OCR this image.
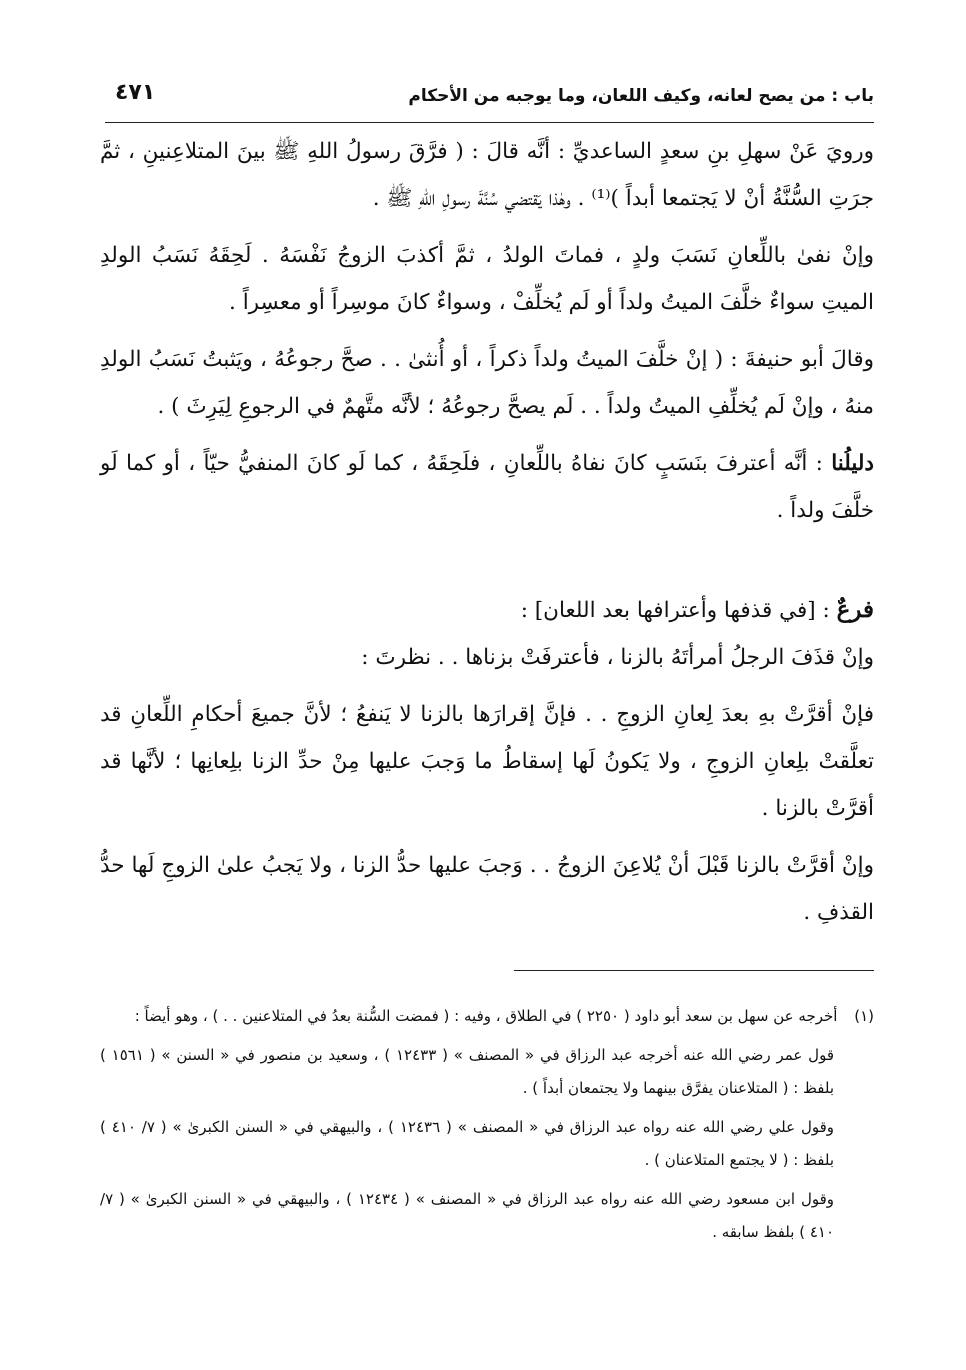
باب : من يصح لعانه، وكيف اللعان، وما يوجبه من الأحكام
٤٧١

ورويَ عَنْ سهلِ بنِ سعدٍ الساعديِّ : أنَّه قالَ : ( فرَّقَ رسولُ اللهِ ﷺ بينَ المتلاعِنينِ ، ثمَّ جرَتِ السُّنَّةُ أنْ لا يَجتمعا أبداً )⁽¹⁾ . وهٰذا يَقتضي سُنَّةَ رسولِ اللهِ ﷺ .

وإنْ نفىٰ باللِّعانِ نَسَبَ ولدٍ ، فماتَ الولدُ ، ثمَّ أكذبَ الزوجُ نَفْسَهُ . لَحِقَهُ نَسَبُ الولدِ الميتِ سواءٌ خلَّفَ الميتُ ولداً أو لَم يُخلِّفْ ، وسواءٌ كانَ موسِراً أو معسِراً .

وقالَ أبو حنيفةَ : ( إنْ خلَّفَ الميتُ ولداً ذكراً ، أو أُنثىٰ . . صحَّ رجوعُهُ ، ويَثبتُ نَسَبُ الولدِ منهُ ، وإنْ لَم يُخلِّفِ الميتُ ولداً . . لَم يصحَّ رجوعُهُ ؛ لأنَّه متَّهمٌ في الرجوعِ لِيَرِثَ ) .

دليلُنا : أنَّه أعترفَ بنَسَبٍ كانَ نفاهُ باللِّعانِ ، فلَحِقَهُ ، كما لَو كانَ المنفيُّ حيّاً ، أو كما لَو خلَّفَ ولداً .

فرعٌ : [في قذفها وأعترافها بعد اللعان] :

وإنْ قذَفَ الرجلُ أمرأتَهُ بالزنا ، فأعترفَتْ بزناها . . نظرتَ :

فإنْ أقرَّتْ بهِ بعدَ لِعانِ الزوجِ . . فإنَّ إقرارَها بالزنا لا يَنفعُ ؛ لأنَّ جميعَ أحكامِ اللِّعانِ قد تعلَّقتْ بلِعانِ الزوجِ ، ولا يَكونُ لَها إسقاطُ ما وَجبَ عليها مِنْ حدِّ الزنا بلِعانِها ؛ لأنَّها قد أقرَّتْ بالزنا .

وإنْ أقرَّتْ بالزنا قَبْلَ أنْ يُلاعِنَ الزوجُ . . وَجبَ عليها حدُّ الزنا ، ولا يَجبُ علىٰ الزوجِ لَها حدُّ القذفِ .

(١) أخرجه عن سهل بن سعد أبو داود ( ٢٢٥٠ ) في الطلاق ، وفيه : ( فمضت السُّنة بعدُ في المتلاعنين . . ) ، وهو أيضاً :

قول عمر رضي الله عنه أخرجه عبد الرزاق في « المصنف » ( ١٢٤٣٣ ) ، وسعيد بن منصور في « السنن » ( ١٥٦١ ) بلفظ : ( المتلاعنان يفرَّق بينهما ولا يجتمعان أبداً ) .

وقول علي رضي الله عنه رواه عبد الرزاق في « المصنف » ( ١٢٤٣٦ ) ، والبيهقي في « السنن الكبرىٰ » ( ٧/ ٤١٠ ) بلفظ : ( لا يجتمع المتلاعنان ) .

وقول ابن مسعود رضي الله عنه رواه عبد الرزاق في « المصنف » ( ١٢٤٣٤ ) ، والبيهقي في « السنن الكبرىٰ » ( ٧/ ٤١٠ ) بلفظ سابقه .
